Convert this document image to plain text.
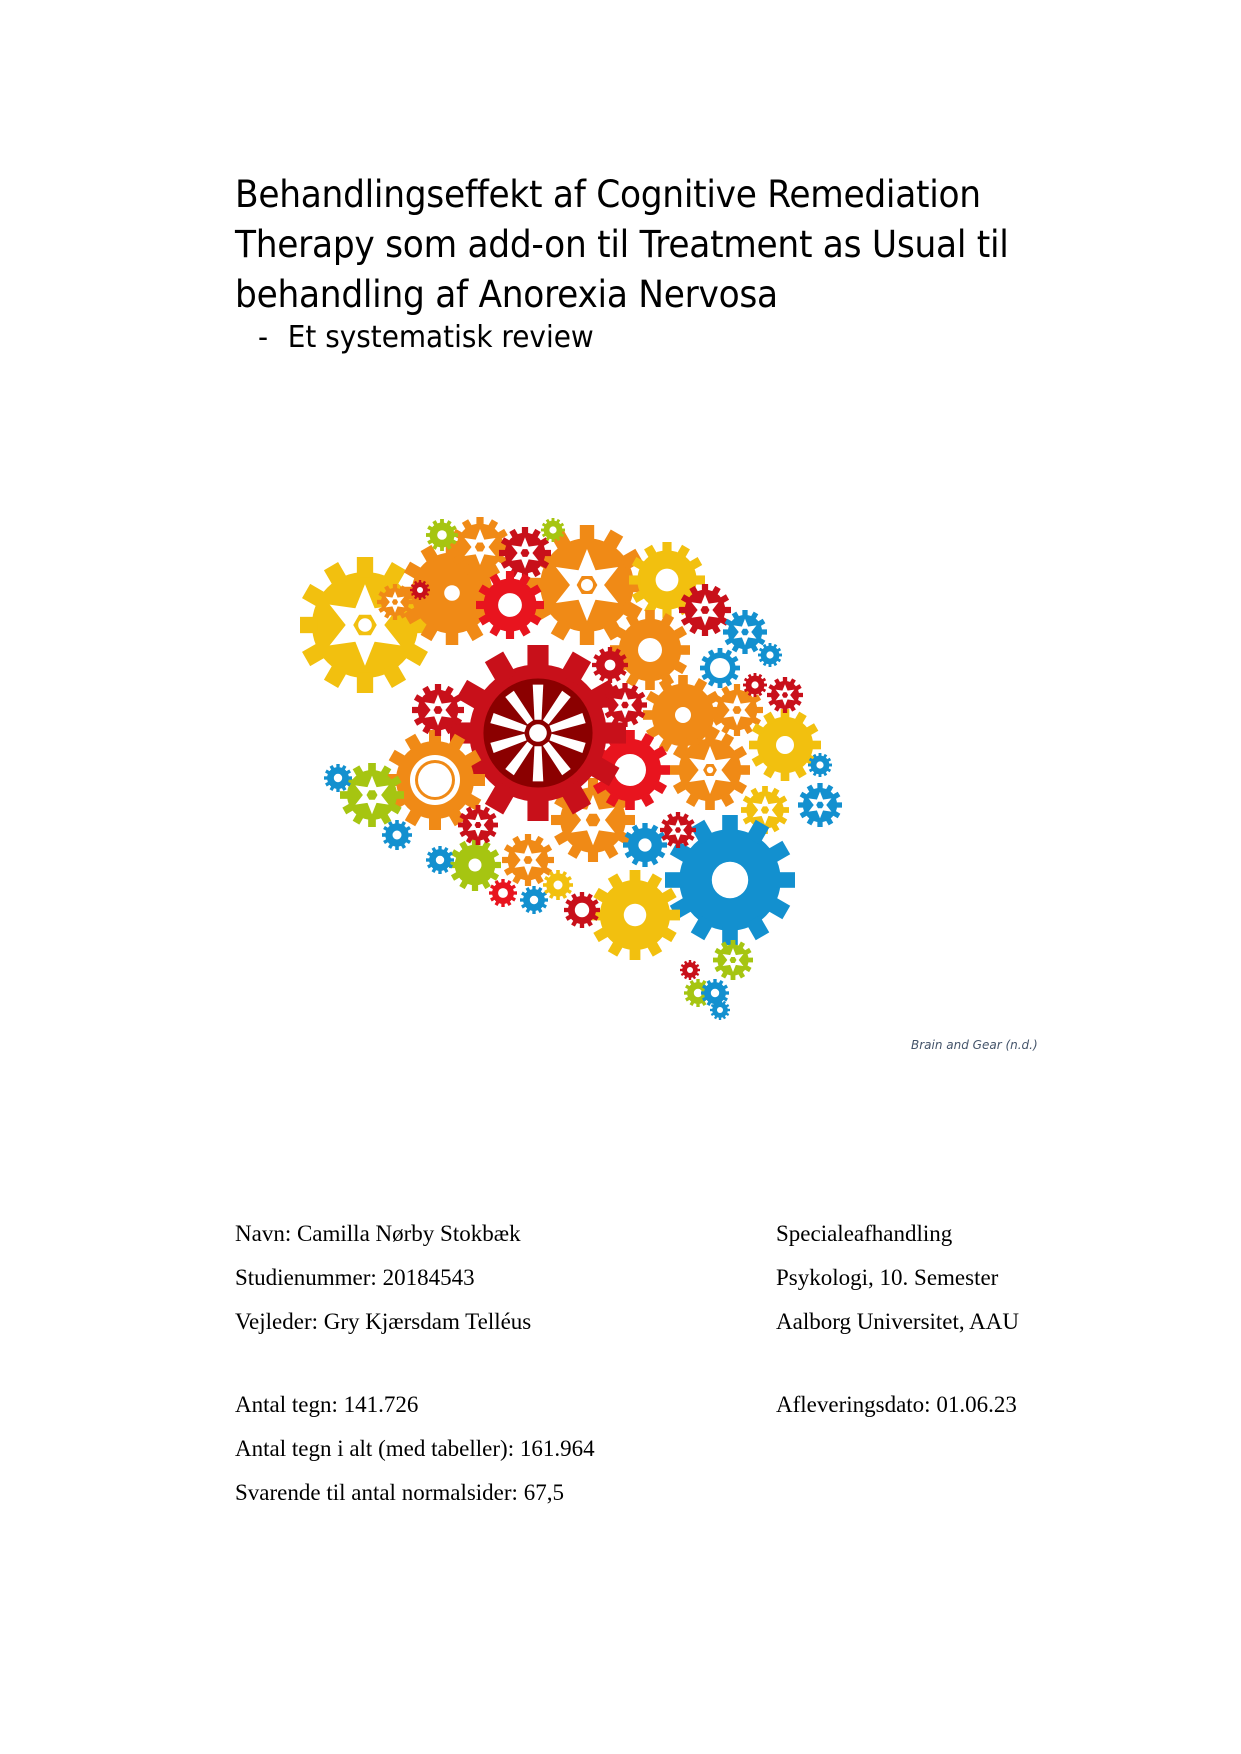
Behandlingseffekt af Cognitive Remediation
Therapy som add-on til Treatment as Usual til
behandling af Anorexia Nervosa
- Et systematisk review
Brain and Gear (n.d.)
Navn: Camilla Nørby Stokbæk
Studienummer: 20184543
Vejleder: Gry Kjærsdam Telléus
Specialeafhandling
Psykologi, 10. Semester
Aalborg Universitet, AAU
Antal tegn: 141.726
Antal tegn i alt (med tabeller): 161.964
Svarende til antal normalsider: 67,5
Afleveringsdato: 01.06.23
